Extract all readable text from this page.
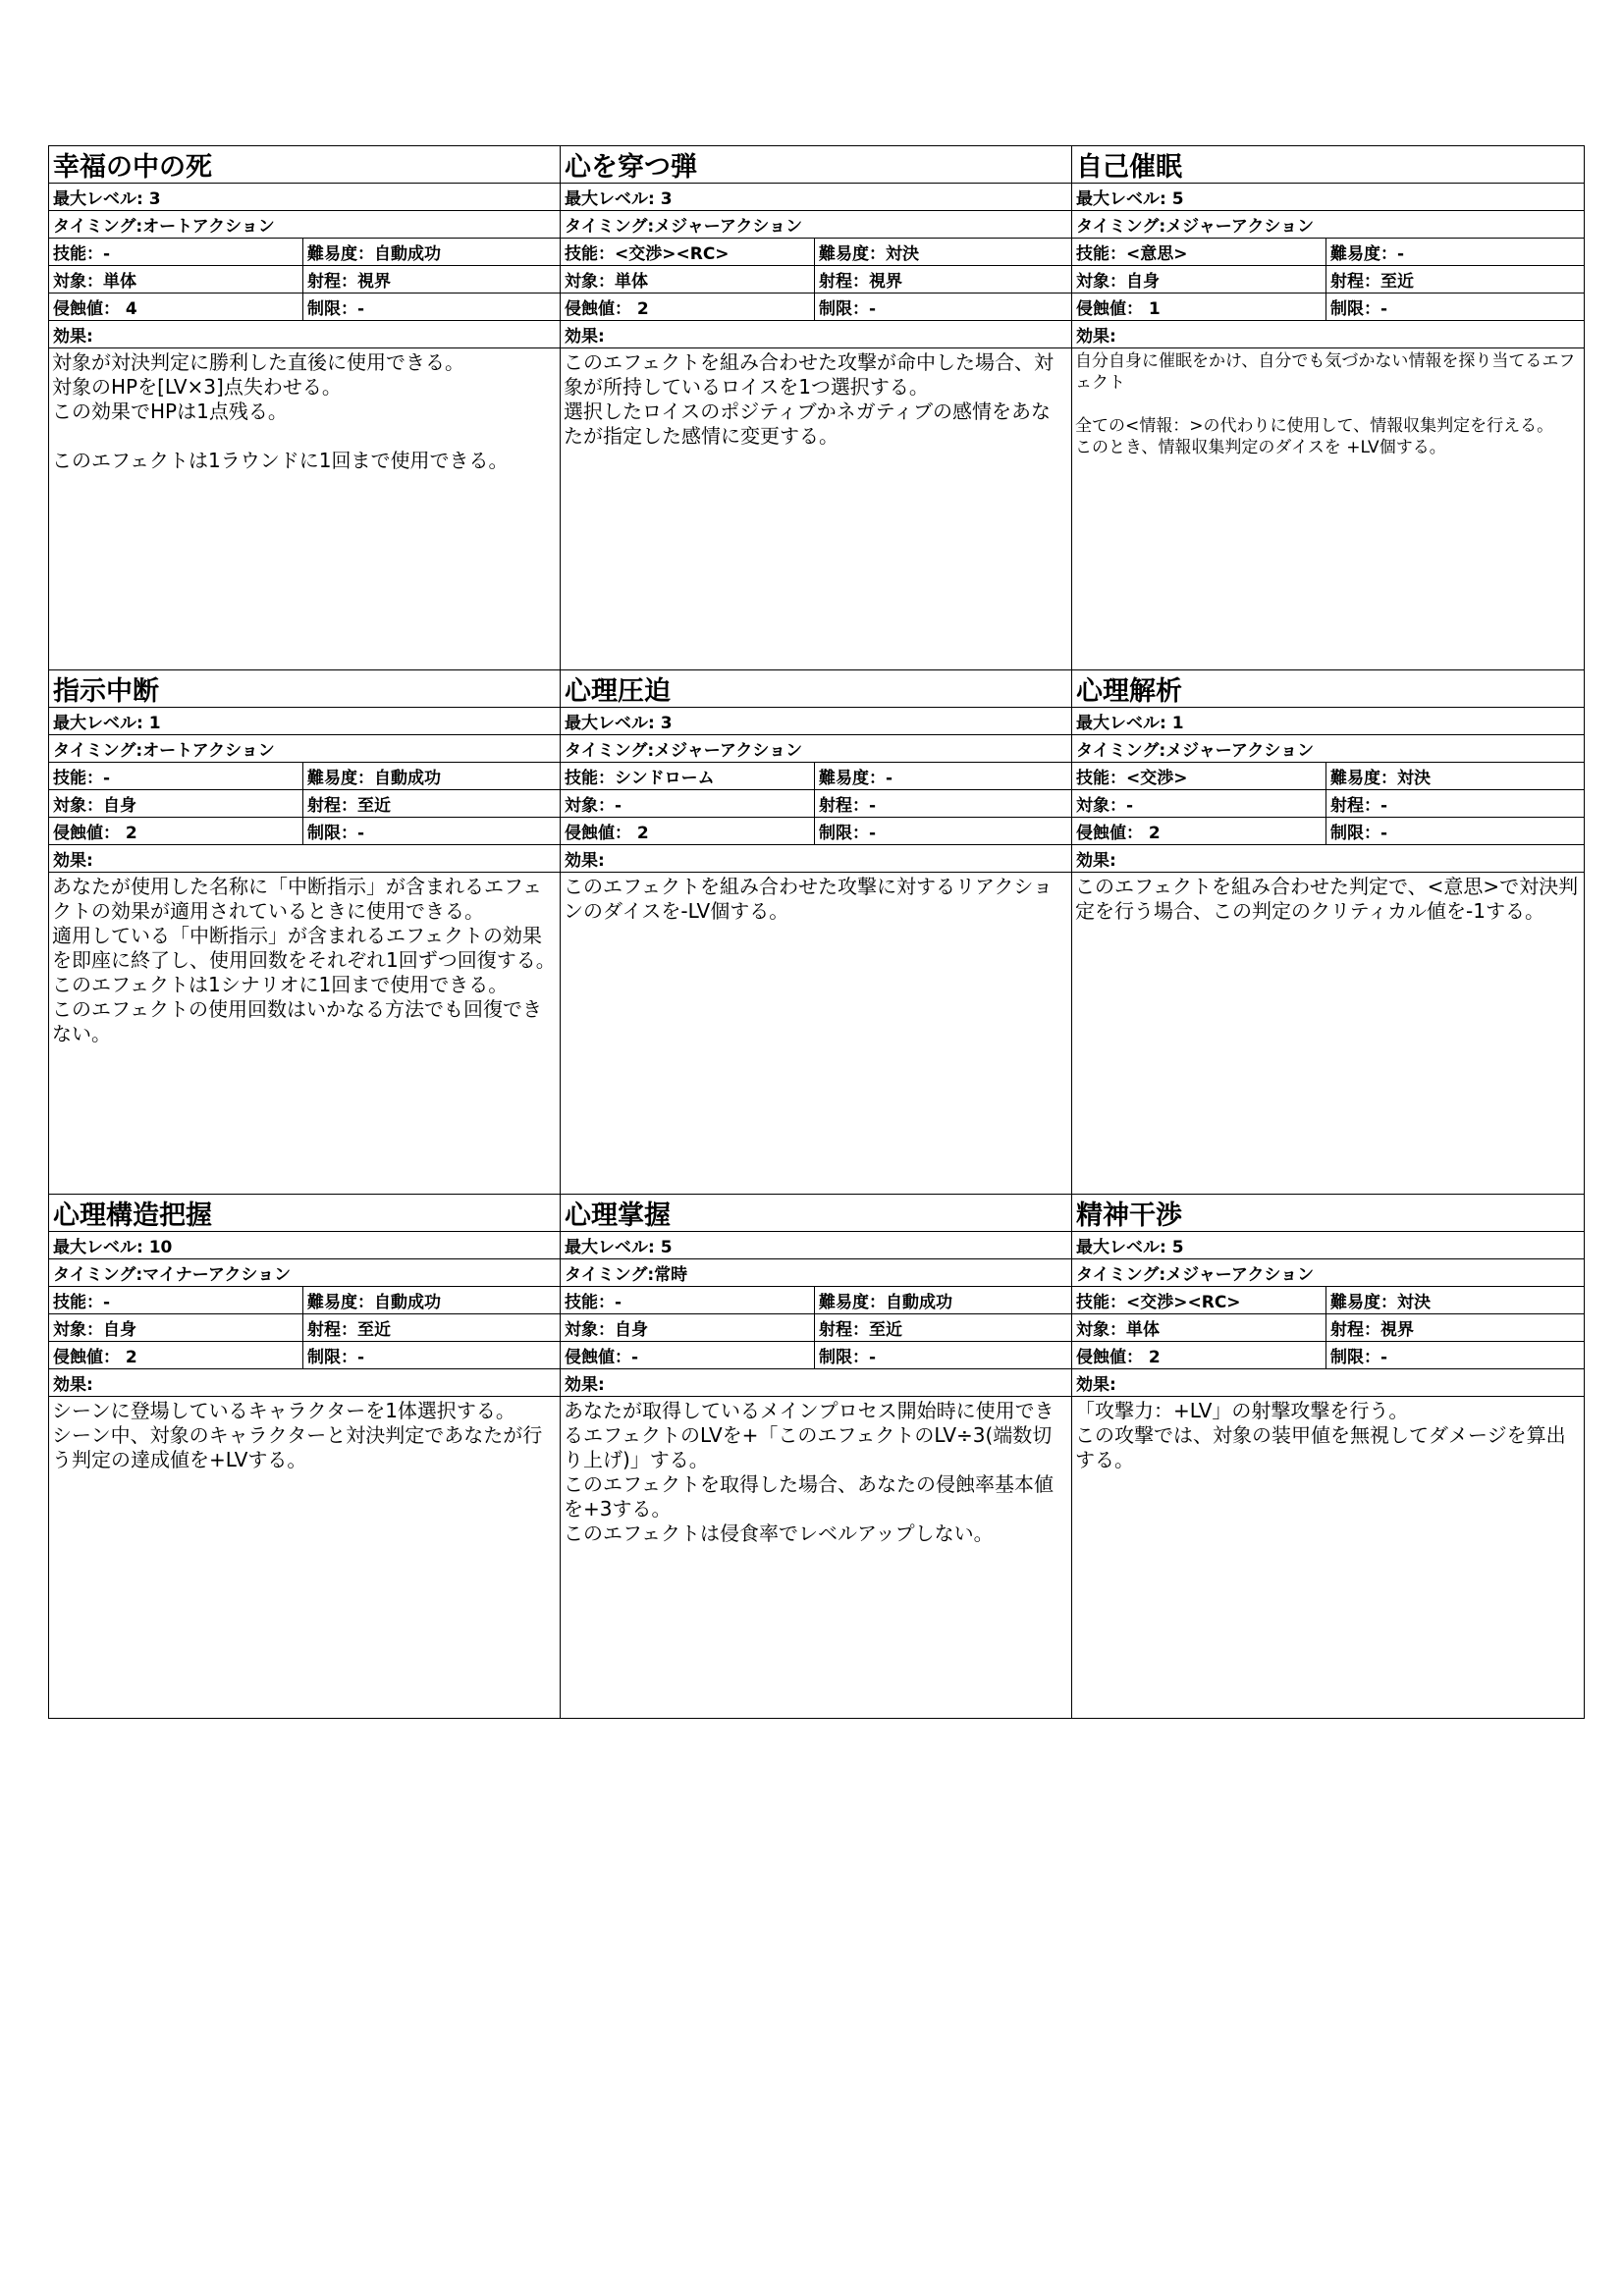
幸福の中の死
最大レベル: 3
タイミング:オートアクション
技能：-	難易度：自動成功
対象：単体	射程：視界
侵蝕値： 4	制限：-
効果:
対象が対決判定に勝利した直後に使用できる。
対象のHPを[LV×3]点失わせる。
この効果でHPは1点残る。

このエフェクトは1ラウンドに1回まで使用できる。
心を穿つ弾
最大レベル: 3
タイミング:メジャーアクション
技能：<交渉><RC>	難易度：対決
対象：単体	射程：視界
侵蝕値： 2	制限：-
効果:
このエフェクトを組み合わせた攻撃が命中した場合、対象が所持しているロイスを1つ選択する。
選択したロイスのポジティブかネガティブの感情をあなたが指定した感情に変更する。
自己催眠
最大レベル: 5
タイミング:メジャーアクション
技能：<意思>	難易度：-
対象：自身	射程：至近
侵蝕値： 1	制限：-
効果:
自分自身に催眠をかけ、自分でも気づかない情報を探り当てるエフェクト

全ての<情報：>の代わりに使用して、情報収集判定を行える。
このとき、情報収集判定のダイスを +LV個する。
指示中断
最大レベル: 1
タイミング:オートアクション
技能：-	難易度：自動成功
対象：自身	射程：至近
侵蝕値： 2	制限：-
効果:
あなたが使用した名称に「中断指示」が含まれるエフェクトの効果が適用されているときに使用できる。
適用している「中断指示」が含まれるエフェクトの効果を即座に終了し、使用回数をそれぞれ1回ずつ回復する。
このエフェクトは1シナリオに1回まで使用できる。
このエフェクトの使用回数はいかなる方法でも回復できない。
心理圧迫
最大レベル: 3
タイミング:メジャーアクション
技能：シンドローム	難易度：-
対象：-	射程：-
侵蝕値： 2	制限：-
効果:
このエフェクトを組み合わせた攻撃に対するリアクションのダイスを-LV個する。
心理解析
最大レベル: 1
タイミング:メジャーアクション
技能：<交渉>	難易度：対決
対象：-	射程：-
侵蝕値： 2	制限：-
効果:
このエフェクトを組み合わせた判定で、<意思>で対決判定を行う場合、この判定のクリティカル値を-1する。
心理構造把握
最大レベル: 10
タイミング:マイナーアクション
技能：-	難易度：自動成功
対象：自身	射程：至近
侵蝕値： 2	制限：-
効果:
シーンに登場しているキャラクターを1体選択する。
シーン中、対象のキャラクターと対決判定であなたが行う判定の達成値を+LVする。
心理掌握
最大レベル: 5
タイミング:常時
技能：-	難易度：自動成功
対象：自身	射程：至近
侵蝕値：-	制限：-
効果:
あなたが取得しているメインプロセス開始時に使用できるエフェクトのLVを+「このエフェクトのLV÷3(端数切り上げ)」する。
このエフェクトを取得した場合、あなたの侵蝕率基本値を+3する。
このエフェクトは侵食率でレベルアップしない。
精神干渉
最大レベル: 5
タイミング:メジャーアクション
技能：<交渉><RC>	難易度：対決
対象：単体	射程：視界
侵蝕値： 2	制限：-
効果:
「攻撃力：+LV」の射撃攻撃を行う。
この攻撃では、対象の装甲値を無視してダメージを算出する。
